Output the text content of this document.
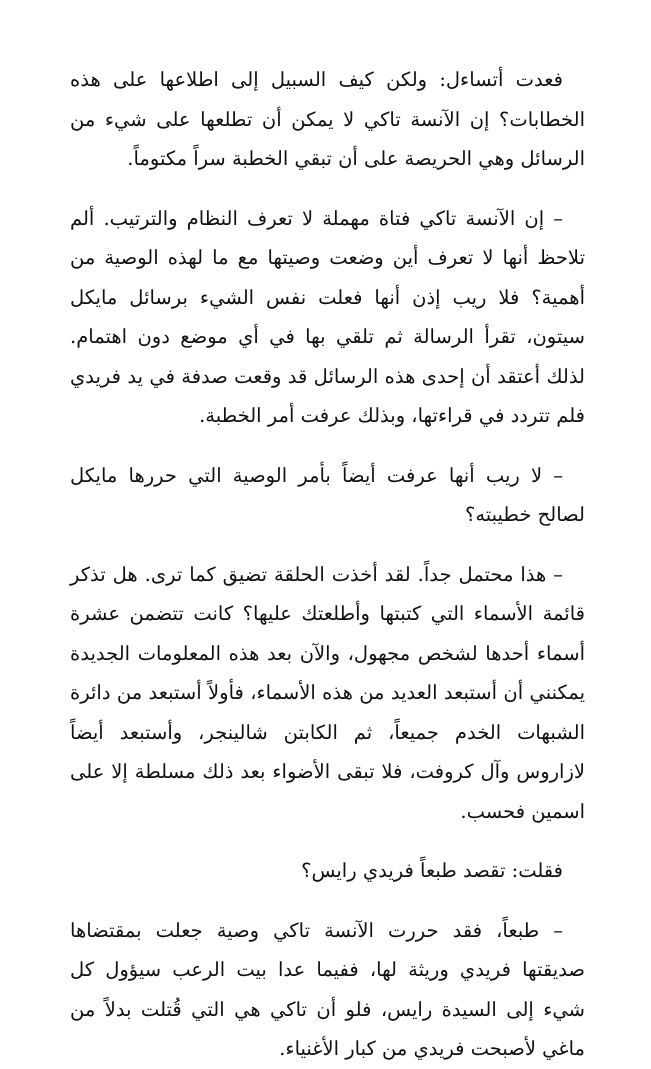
فعدت أتساءل: ولكن كيف السبيل إلى اطلاعها على هذه الخطابات؟ إن الآنسة تاكي لا يمكن أن تطلعها على شيء من الرسائل وهي الحريصة على أن تبقي الخطبة سراً مكتوماً.

– إن الآنسة تاكي فتاة مهملة لا تعرف النظام والترتيب. ألم تلاحظ أنها لا تعرف أين وضعت وصيتها مع ما لهذه الوصية من أهمية؟ فلا ريب إذن أنها فعلت نفس الشيء برسائل مايكل سيتون، تقرأ الرسالة ثم تلقي بها في أي موضع دون اهتمام. لذلك أعتقد أن إحدى هذه الرسائل قد وقعت صدفة في يد فريدي فلم تتردد في قراءتها، وبذلك عرفت أمر الخطبة.

– لا ريب أنها عرفت أيضاً بأمر الوصية التي حررها مايكل لصالح خطيبته؟

– هذا محتمل جداً. لقد أخذت الحلقة تضيق كما ترى. هل تذكر قائمة الأسماء التي كتبتها وأطلعتك عليها؟ كانت تتضمن عشرة أسماء أحدها لشخص مجهول، والآن بعد هذه المعلومات الجديدة يمكنني أن أستبعد العديد من هذه الأسماء، فأولاً أستبعد من دائرة الشبهات الخدم جميعاً، ثم الكابتن شالينجر، وأستبعد أيضاً لازاروس وآل كروفت، فلا تبقى الأضواء بعد ذلك مسلطة إلا على اسمين فحسب.

فقلت: تقصد طبعاً فريدي رايس؟

– طبعاً، فقد حررت الآنسة تاكي وصية جعلت بمقتضاها صديقتها فريدي وريثة لها، ففيما عدا بيت الرعب سيؤول كل شيء إلى السيدة رايس، فلو أن تاكي هي التي قُتلت بدلاً من ماغي لأصبحت فريدي من كبار الأغنياء.
